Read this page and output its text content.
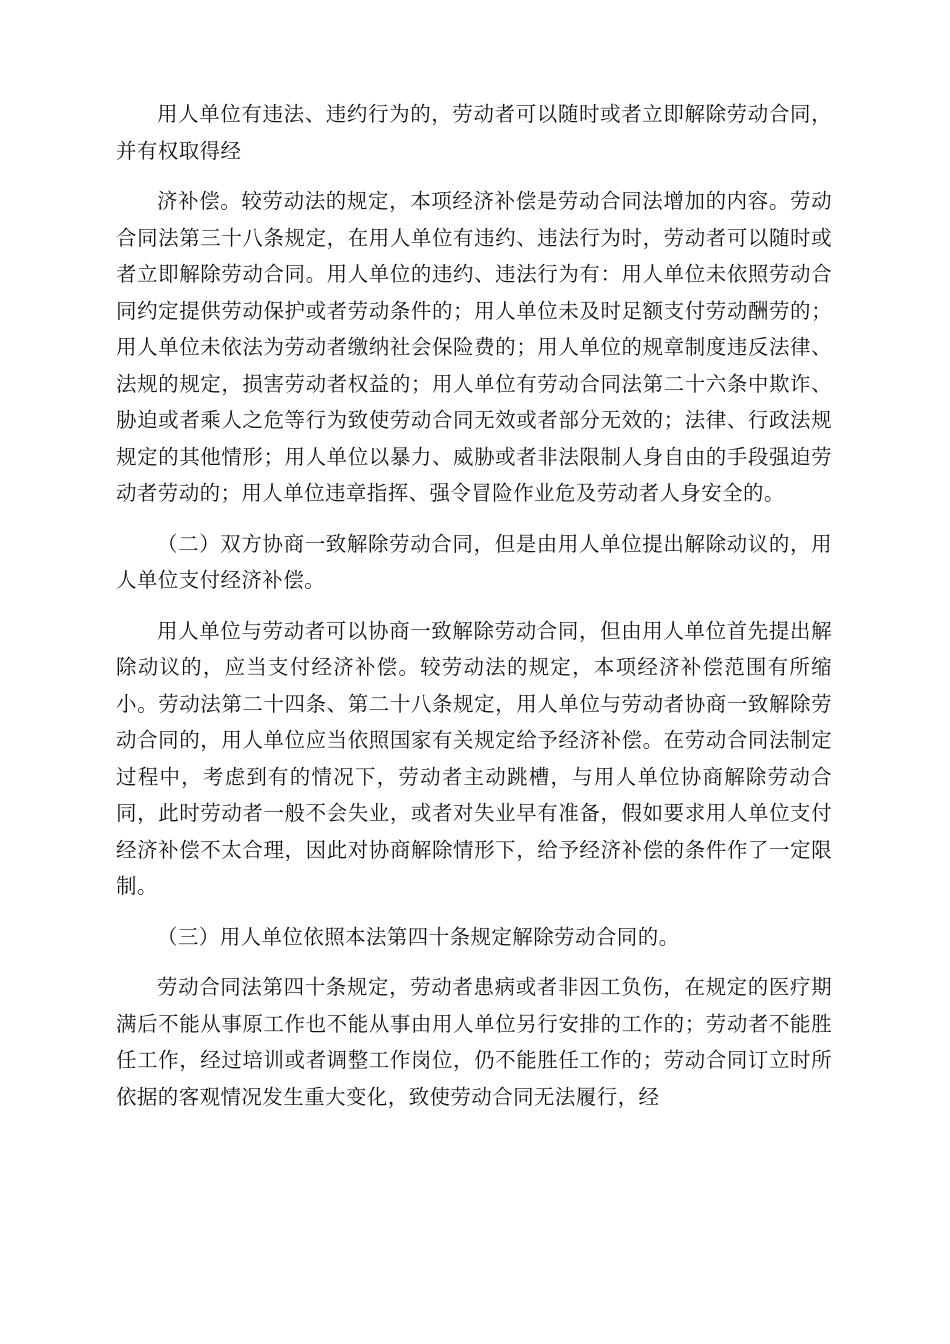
用人单位有违法、违约行为的，劳动者可以随时或者立即解除劳动合同，并有权取得经

济补偿。较劳动法的规定，本项经济补偿是劳动合同法增加的内容。劳动合同法第三十八条规定，在用人单位有违约、违法行为时，劳动者可以随时或者立即解除劳动合同。用人单位的违约、违法行为有：用人单位未依照劳动合同约定提供劳动保护或者劳动条件的；用人单位未及时足额支付劳动酬劳的；用人单位未依法为劳动者缴纳社会保险费的；用人单位的规章制度违反法律、法规的规定，损害劳动者权益的；用人单位有劳动合同法第二十六条中欺诈、胁迫或者乘人之危等行为致使劳动合同无效或者部分无效的；法律、行政法规规定的其他情形；用人单位以暴力、威胁或者非法限制人身自由的手段强迫劳动者劳动的；用人单位违章指挥、强令冒险作业危及劳动者人身安全的。

（二）双方协商一致解除劳动合同，但是由用人单位提出解除动议的，用人单位支付经济补偿。

用人单位与劳动者可以协商一致解除劳动合同，但由用人单位首先提出解除动议的，应当支付经济补偿。较劳动法的规定，本项经济补偿范围有所缩小。劳动法第二十四条、第二十八条规定，用人单位与劳动者协商一致解除劳动合同的，用人单位应当依照国家有关规定给予经济补偿。在劳动合同法制定过程中，考虑到有的情况下，劳动者主动跳槽，与用人单位协商解除劳动合同，此时劳动者一般不会失业，或者对失业早有准备，假如要求用人单位支付经济补偿不太合理，因此对协商解除情形下，给予经济补偿的条件作了一定限制。

（三）用人单位依照本法第四十条规定解除劳动合同的。

劳动合同法第四十条规定，劳动者患病或者非因工负伤，在规定的医疗期满后不能从事原工作也不能从事由用人单位另行安排的工作的；劳动者不能胜任工作，经过培训或者调整工作岗位，仍不能胜任工作的；劳动合同订立时所依据的客观情况发生重大变化，致使劳动合同无法履行，经
